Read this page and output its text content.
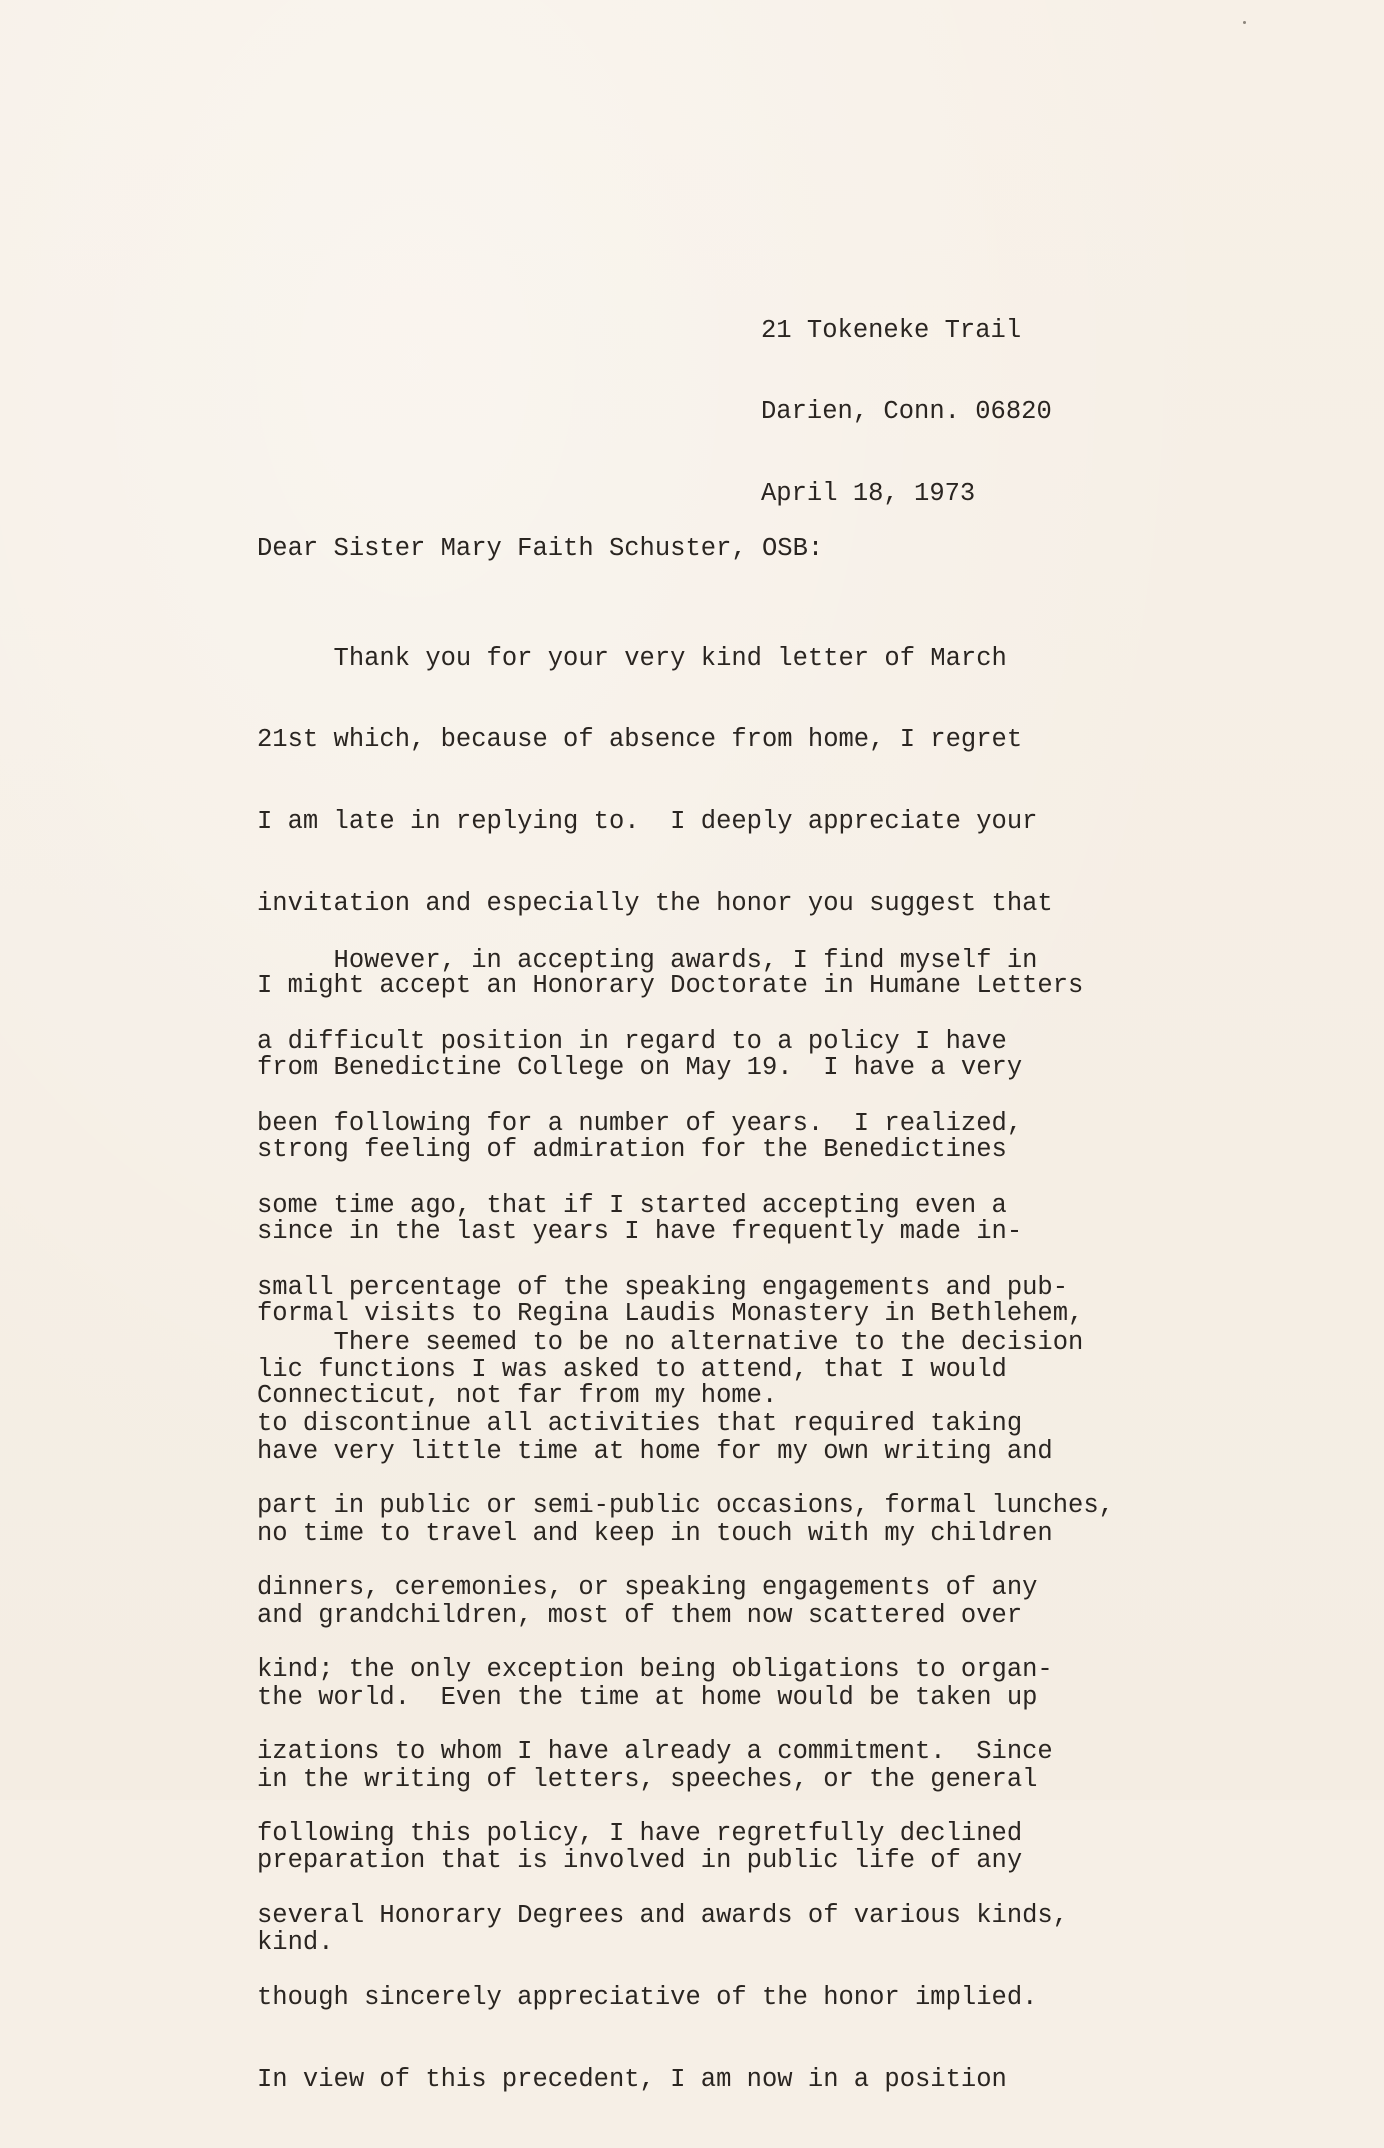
21 Tokeneke Trail

Darien, Conn. 06820

April 18, 1973

Dear Sister Mary Faith Schuster, OSB:

Thank you for your very kind letter of March

21st which, because of absence from home, I regret

I am late in replying to.  I deeply appreciate your

invitation and especially the honor you suggest that

I might accept an Honorary Doctorate in Humane Letters

from Benedictine College on May 19.  I have a very

strong feeling of admiration for the Benedictines

since in the last years I have frequently made in-

formal visits to Regina Laudis Monastery in Bethlehem,

Connecticut, not far from my home.

However, in accepting awards, I find myself in

a difficult position in regard to a policy I have

been following for a number of years.  I realized,

some time ago, that if I started accepting even a

small percentage of the speaking engagements and pub-

lic functions I was asked to attend, that I would

have very little time at home for my own writing and

no time to travel and keep in touch with my children

and grandchildren, most of them now scattered over

the world.  Even the time at home would be taken up

in the writing of letters, speeches, or the general

preparation that is involved in public life of any

kind.

There seemed to be no alternative to the decision

to discontinue all activities that required taking

part in public or semi-public occasions, formal lunches,

dinners, ceremonies, or speaking engagements of any

kind; the only exception being obligations to organ-

izations to whom I have already a commitment.  Since

following this policy, I have regretfully declined

several Honorary Degrees and awards of various kinds,

though sincerely appreciative of the honor implied.

In view of this precedent, I am now in a position
